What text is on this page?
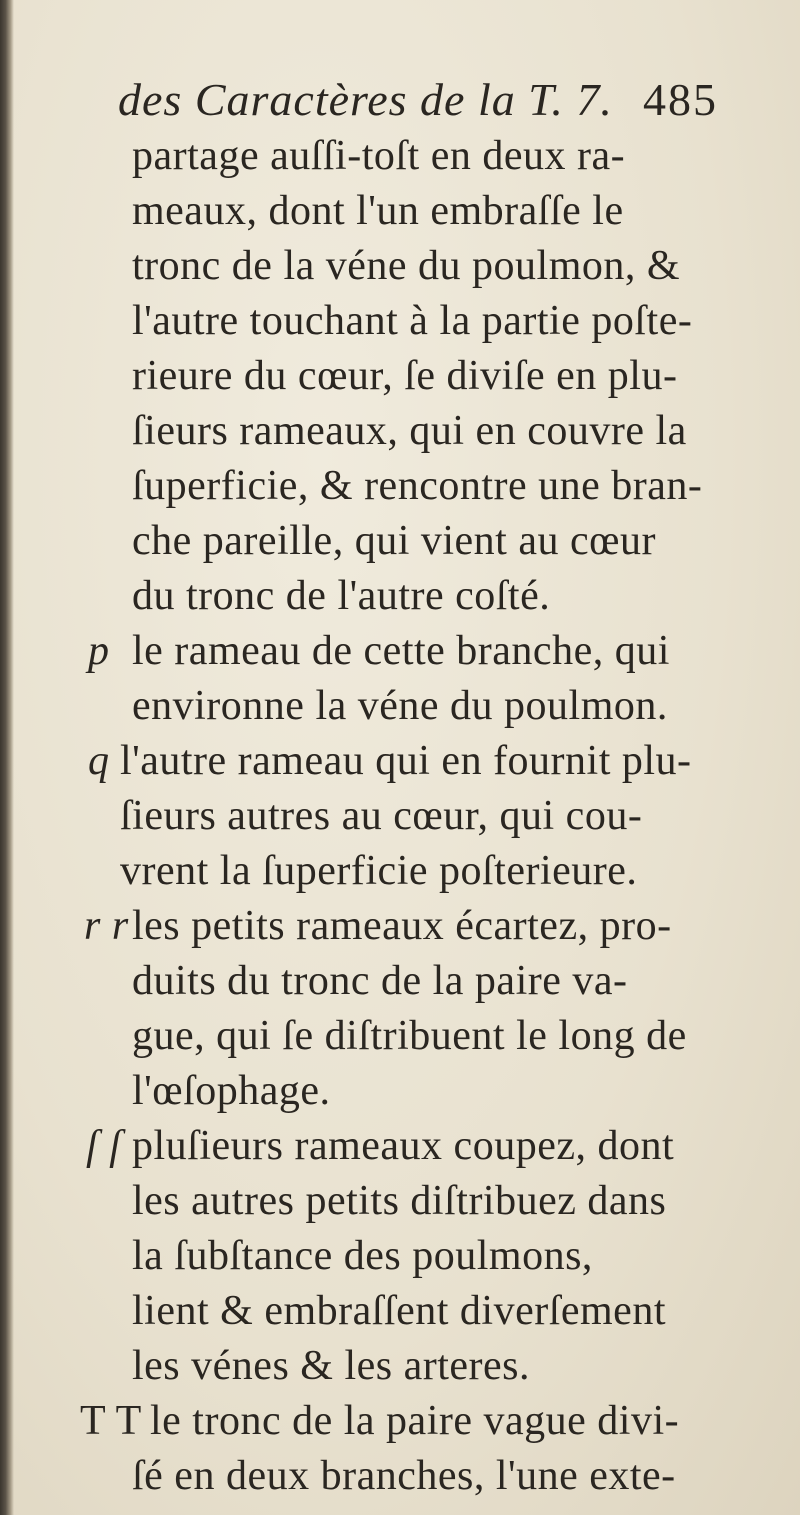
des Caractères de la T. 7. 485
partage auſſi-toſt en deux ra-
meaux, dont l'un embraſſe le
tronc de la véne du poulmon, &
l'autre touchant à la partie poſte-
rieure du cœur, ſe diviſe en plu-
ſieurs rameaux, qui en couvre la
ſuperficie, & rencontre une bran-
che pareille, qui vient au cœur
du tronc de l'autre coſté.
p le rameau de cette branche, qui
environne la véne du poulmon.
q l'autre rameau qui en fournit plu-
ſieurs autres au cœur, qui cou-
vrent la ſuperficie poſterieure.
r r les petits rameaux écartez, pro-
duits du tronc de la paire va-
gue, qui ſe diſtribuent le long de
l'œſophage.
ſ ſ pluſieurs rameaux coupez, dont
les autres petits diſtribuez dans
la ſubſtance des poulmons,
lient & embraſſent diverſement
les vénes & les arteres.
T T le tronc de la paire vague divi-
ſé en deux branches, l'une exte-
